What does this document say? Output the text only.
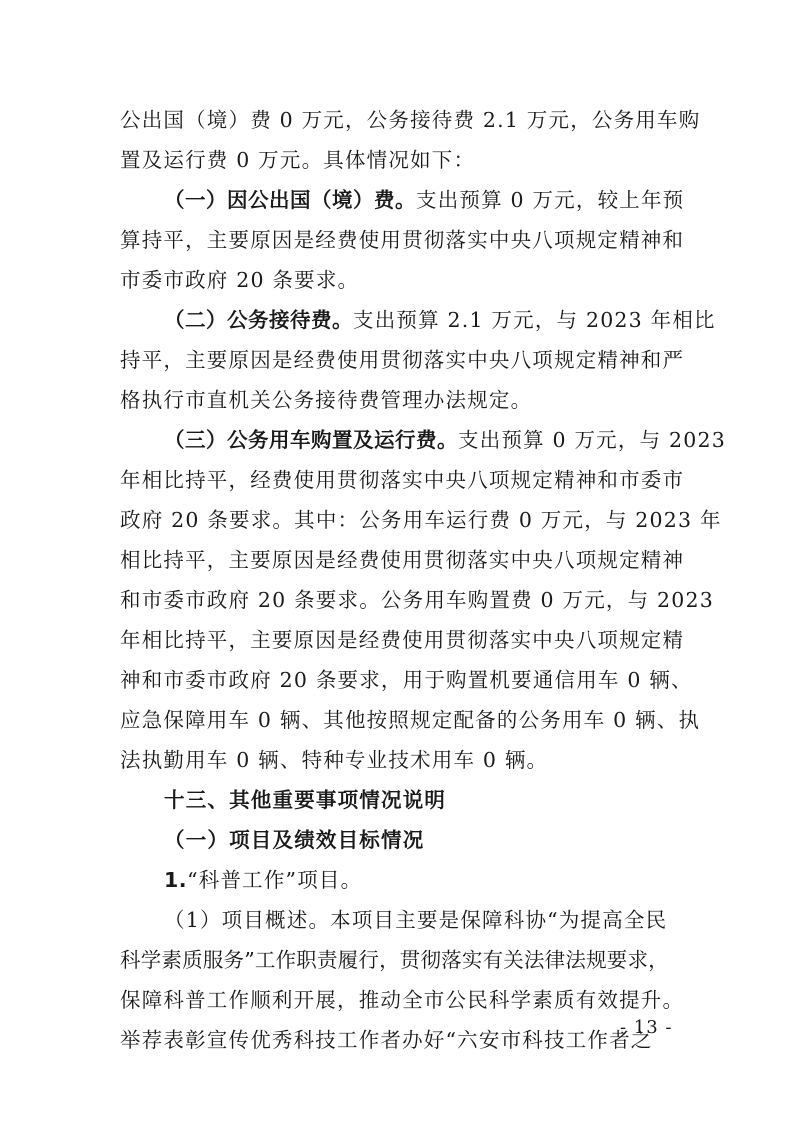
公出国（境）费 0 万元，公务接待费 2.1 万元，公务用车购
置及运行费 0 万元。具体情况如下：
（一）因公出国（境）费。支出预算 0 万元，较上年预
算持平，主要原因是经费使用贯彻落实中央八项规定精神和
市委市政府 20 条要求。
（二）公务接待费。支出预算 2.1 万元，与 2023 年相比
持平，主要原因是经费使用贯彻落实中央八项规定精神和严
格执行市直机关公务接待费管理办法规定。
（三）公务用车购置及运行费。支出预算 0 万元，与 2023
年相比持平，经费使用贯彻落实中央八项规定精神和市委市
政府 20 条要求。其中：公务用车运行费 0 万元，与 2023 年
相比持平，主要原因是经费使用贯彻落实中央八项规定精神
和市委市政府 20 条要求。公务用车购置费 0 万元，与 2023
年相比持平，主要原因是经费使用贯彻落实中央八项规定精
神和市委市政府 20 条要求，用于购置机要通信用车 0 辆、
应急保障用车 0 辆、其他按照规定配备的公务用车 0 辆、执
法执勤用车 0 辆、特种专业技术用车 0 辆。
十三、其他重要事项情况说明
（一）项目及绩效目标情况
1.“科普工作”项目。
（1）项目概述。本项目主要是保障科协“为提高全民
科学素质服务”工作职责履行，贯彻落实有关法律法规要求，
保障科普工作顺利开展，推动全市公民科学素质有效提升。
举荐表彰宣传优秀科技工作者办好“六安市科技工作者之
- 13 -
